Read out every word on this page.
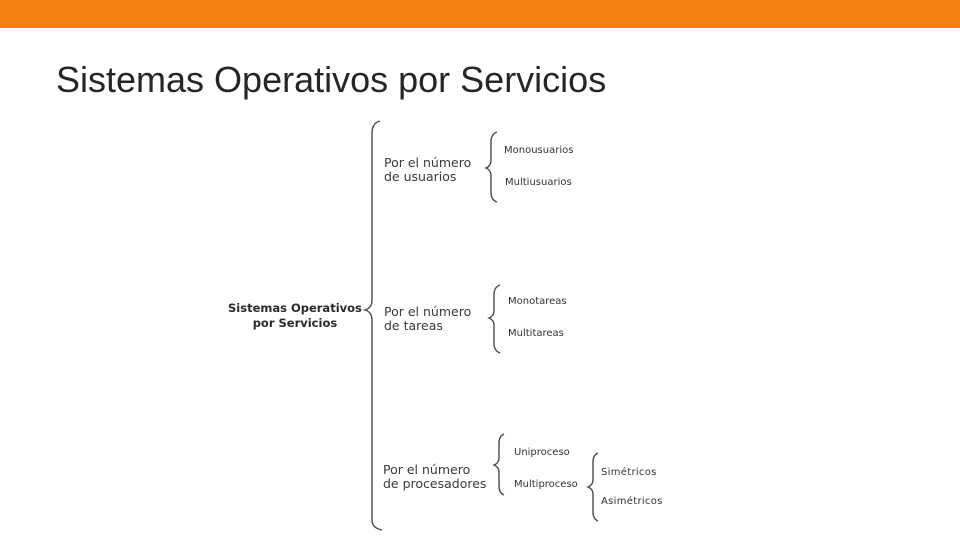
Sistemas Operativos por Servicios
Sistemas Operativos
por Servicios
Por el número
de usuarios
Monousuarios
Multiusuarios
Por el número
de tareas
Monotareas
Multitareas
Por el número
de procesadores
Uniproceso
Multiproceso
Simétricos
Asimétricos
